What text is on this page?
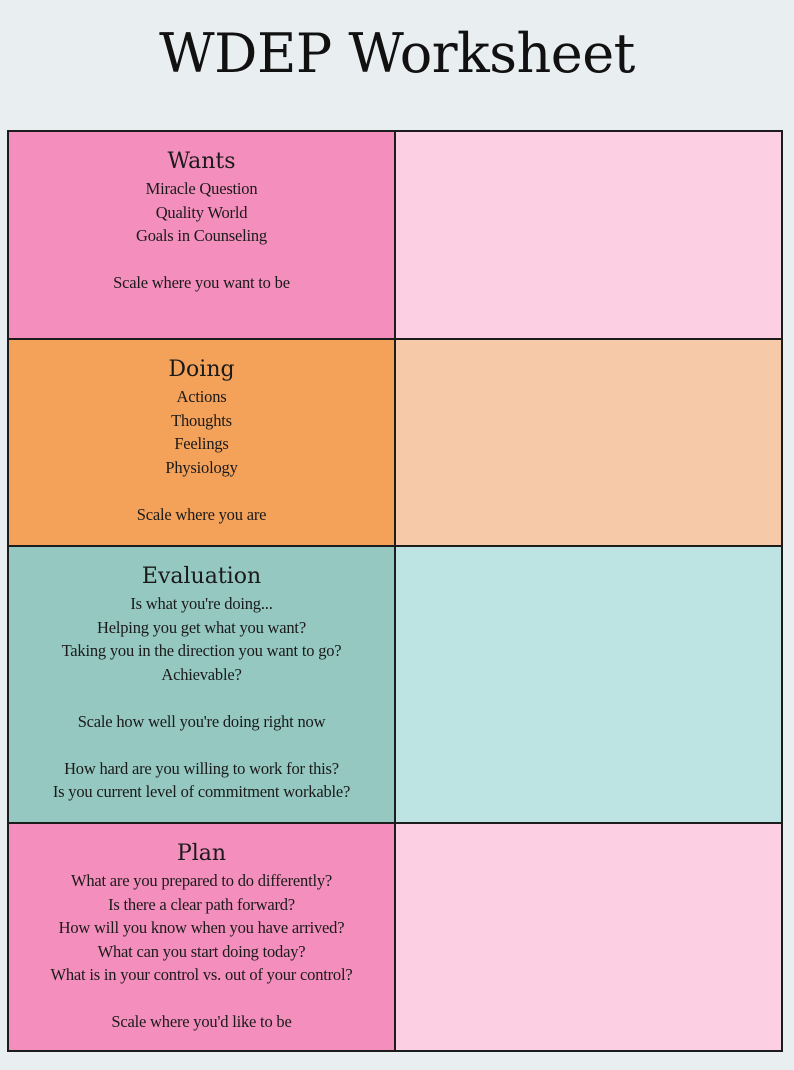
WDEP Worksheet
Wants
Miracle Question
Quality World
Goals in Counseling
Scale where you want to be
Doing
Actions
Thoughts
Feelings
Physiology
Scale where you are
Evaluation
Is what you're doing...
Helping you get what you want?
Taking you in the direction you want to go?
Achievable?
Scale how well you're doing right now
How hard are you willing to work for this?
Is you current level of commitment workable?
Plan
What are you prepared to do differently?
Is there a clear path forward?
How will you know when you have arrived?
What can you start doing today?
What is in your control vs. out of your control?
Scale where you'd like to be
